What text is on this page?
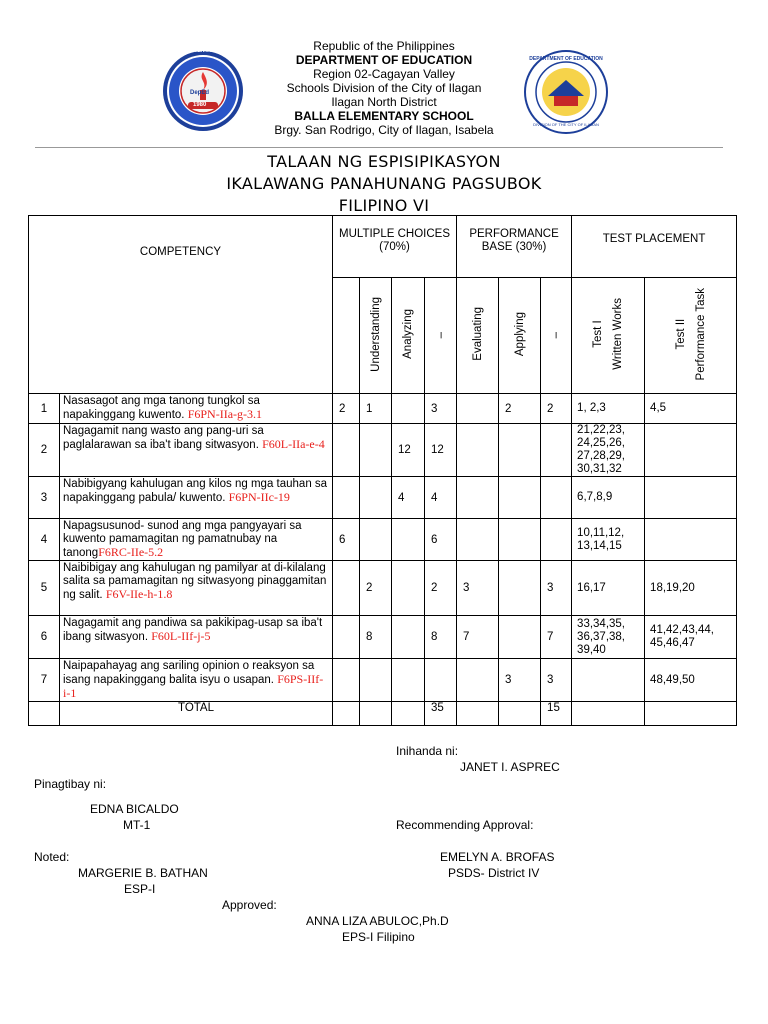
BALLA ELEMENTARY SCHOOL
DepEd
1980
DEPARTMENT OF EDUCATION
DIVISION OF THE CITY OF ILAGAN
Republic of the Philippines
DEPARTMENT OF EDUCATION
Region 02-Cagayan Valley
Schools Division of the City of Ilagan
Ilagan North District
BALLA ELEMENTARY SCHOOL
Brgy. San Rodrigo, City of Ilagan, Isabela
TALAAN NG ESPISIPIKASYON
IKALAWANG PANAHUNANG PAGSUBOK
FILIPINO VI
COMPETENCY		MULTIPLE CHOICES (70%)				PERFORMANCE BASE (30%)			TEST PLACEMENT	
			Understanding	Analyzing	–	Evaluating	Applying	–	Test I Written Works	Test II Performance Task
1	Nasasagot ang mga tanong tungkol sa napakinggang kuwento. F6PN-IIa-g-3.1	2	1		3		2	2	1, 2,3	4,5
2	Nagagamit nang wasto ang pang-uri sa paglalarawan sa iba't ibang sitwasyon. F60L-IIa-e-4			12	12				21,22,23, 24,25,26, 27,28,29, 30,31,32	
3	Nabibigyang kahulugan ang kilos ng mga tauhan sa napakinggang pabula/ kuwento. F6PN-IIc-19			4	4				6,7,8,9	
4	Napagsusunod- sunod ang mga pangyayari sa kuwento pamamagitan ng pamatnubay na tanongF6RC-IIe-5.2	6			6				10,11,12, 13,14,15	
5	Naibibigay ang kahulugan ng pamilyar at di-kilalang salita sa pamamagitan ng sitwasyong pinaggamitan ng salit. F6V-IIe-h-1.8		2		2	3		3	16,17	18,19,20
6	Nagagamit ang pandiwa sa pakikipag-usap sa iba't ibang sitwasyon. F60L-IIf-j-5		8		8	7		7	33,34,35, 36,37,38, 39,40	41,42,43,44, 45,46,47
7	Naipapahayag ang sariling opinion o reaksyon sa isang napakinggang balita isyu o usapan. F6PS-IIf-i-1						3	3		48,49,50
	TOTAL				35			15		
Inihanda ni:
JANET I. ASPREC
Pinagtibay ni:
EDNA BICALDO
MT-1	Recommending Approval:
Noted:	EMELYN A. BROFAS
MARGERIE B. BATHAN	PSDS- District IV
ESP-I
Approved:
ANNA LIZA ABULOC,Ph.D
EPS-I Filipino
